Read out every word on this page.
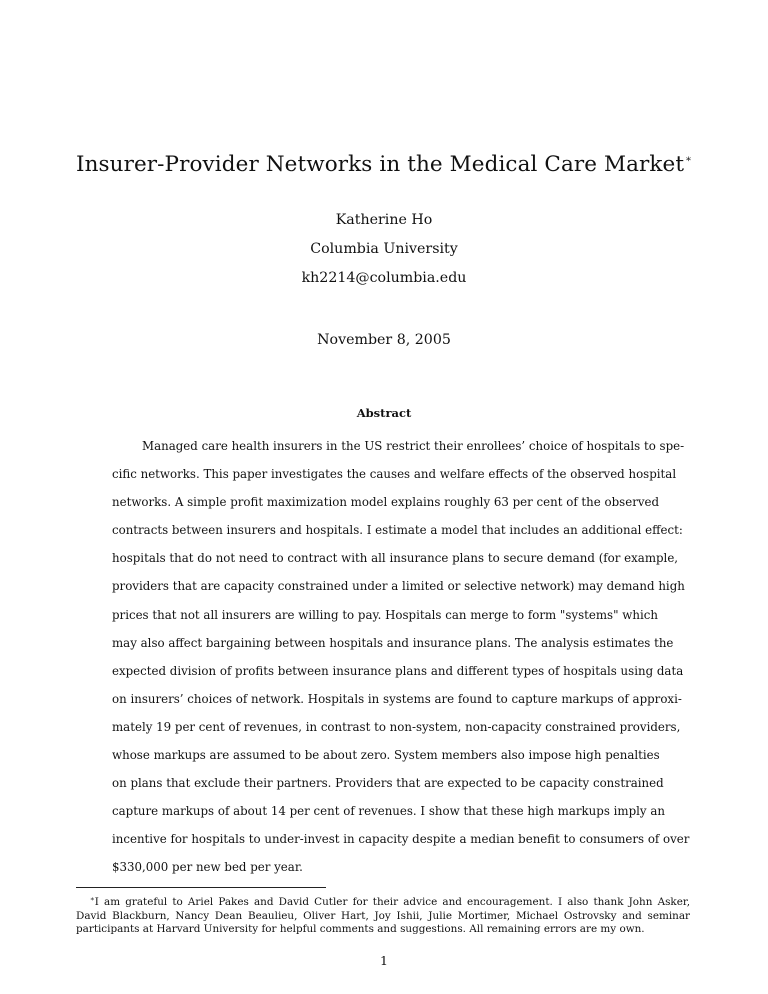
Insurer-Provider Networks in the Medical Care Market∗
Katherine Ho
Columbia University
kh2214@columbia.edu
November 8, 2005
Abstract
Managed care health insurers in the US restrict their enrollees’ choice of hospitals to spe-
cific networks. This paper investigates the causes and welfare effects of the observed hospital
networks. A simple profit maximization model explains roughly 63 per cent of the observed
contracts between insurers and hospitals. I estimate a model that includes an additional effect:
hospitals that do not need to contract with all insurance plans to secure demand (for example,
providers that are capacity constrained under a limited or selective network) may demand high
prices that not all insurers are willing to pay. Hospitals can merge to form "systems" which
may also affect bargaining between hospitals and insurance plans. The analysis estimates the
expected division of profits between insurance plans and different types of hospitals using data
on insurers’ choices of network. Hospitals in systems are found to capture markups of approxi-
mately 19 per cent of revenues, in contrast to non-system, non-capacity constrained providers,
whose markups are assumed to be about zero. System members also impose high penalties
on plans that exclude their partners. Providers that are expected to be capacity constrained
capture markups of about 14 per cent of revenues. I show that these high markups imply an
incentive for hospitals to under-invest in capacity despite a median benefit to consumers of over
$330,000 per new bed per year.
∗I am grateful to Ariel Pakes and David Cutler for their advice and encouragement. I also thank John Asker,
David Blackburn, Nancy Dean Beaulieu, Oliver Hart, Joy Ishii, Julie Mortimer, Michael Ostrovsky and seminar
participants at Harvard University for helpful comments and suggestions. All remaining errors are my own.
1
